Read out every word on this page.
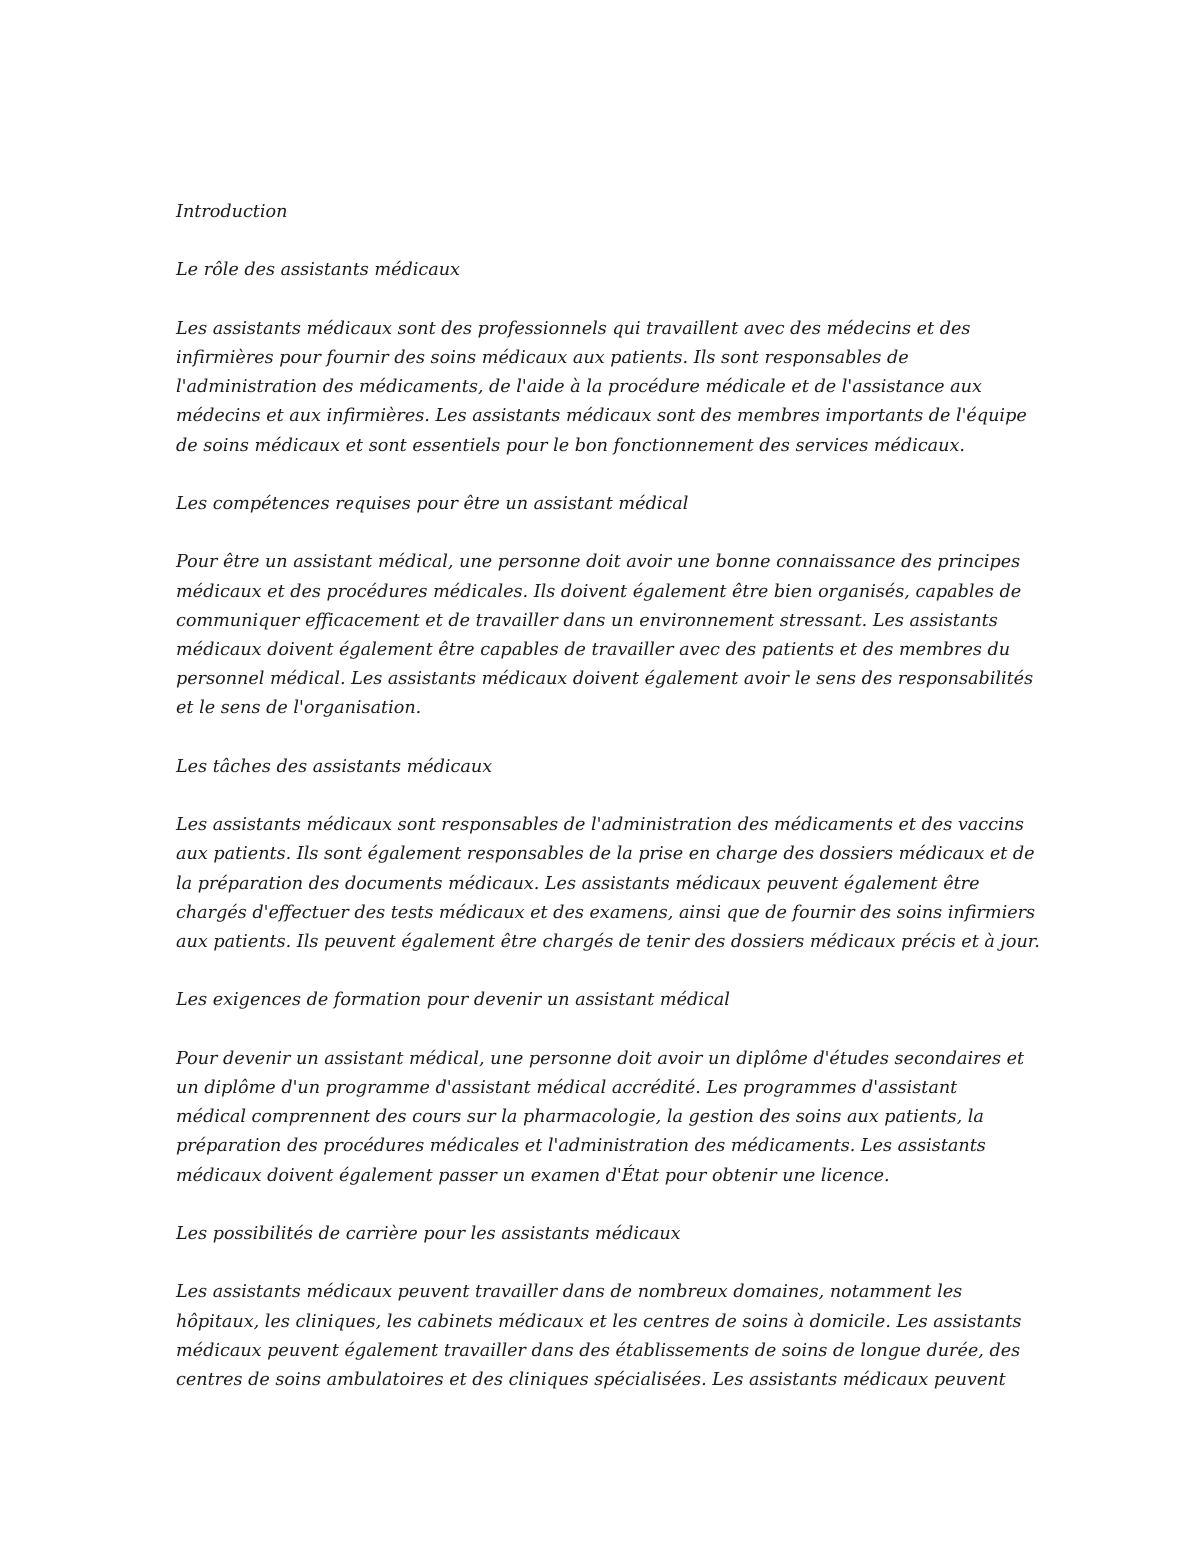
Introduction

Le rôle des assistants médicaux

Les assistants médicaux sont des professionnels qui travaillent avec des médecins et des
infirmières pour fournir des soins médicaux aux patients. Ils sont responsables de
l'administration des médicaments, de l'aide à la procédure médicale et de l'assistance aux
médecins et aux infirmières. Les assistants médicaux sont des membres importants de l'équipe
de soins médicaux et sont essentiels pour le bon fonctionnement des services médicaux.

Les compétences requises pour être un assistant médical

Pour être un assistant médical, une personne doit avoir une bonne connaissance des principes
médicaux et des procédures médicales. Ils doivent également être bien organisés, capables de
communiquer efficacement et de travailler dans un environnement stressant. Les assistants
médicaux doivent également être capables de travailler avec des patients et des membres du
personnel médical. Les assistants médicaux doivent également avoir le sens des responsabilités
et le sens de l'organisation.

Les tâches des assistants médicaux

Les assistants médicaux sont responsables de l'administration des médicaments et des vaccins
aux patients. Ils sont également responsables de la prise en charge des dossiers médicaux et de
la préparation des documents médicaux. Les assistants médicaux peuvent également être
chargés d'effectuer des tests médicaux et des examens, ainsi que de fournir des soins infirmiers
aux patients. Ils peuvent également être chargés de tenir des dossiers médicaux précis et à jour.

Les exigences de formation pour devenir un assistant médical

Pour devenir un assistant médical, une personne doit avoir un diplôme d'études secondaires et
un diplôme d'un programme d'assistant médical accrédité. Les programmes d'assistant
médical comprennent des cours sur la pharmacologie, la gestion des soins aux patients, la
préparation des procédures médicales et l'administration des médicaments. Les assistants
médicaux doivent également passer un examen d'État pour obtenir une licence.

Les possibilités de carrière pour les assistants médicaux

Les assistants médicaux peuvent travailler dans de nombreux domaines, notamment les
hôpitaux, les cliniques, les cabinets médicaux et les centres de soins à domicile. Les assistants
médicaux peuvent également travailler dans des établissements de soins de longue durée, des
centres de soins ambulatoires et des cliniques spécialisées. Les assistants médicaux peuvent
